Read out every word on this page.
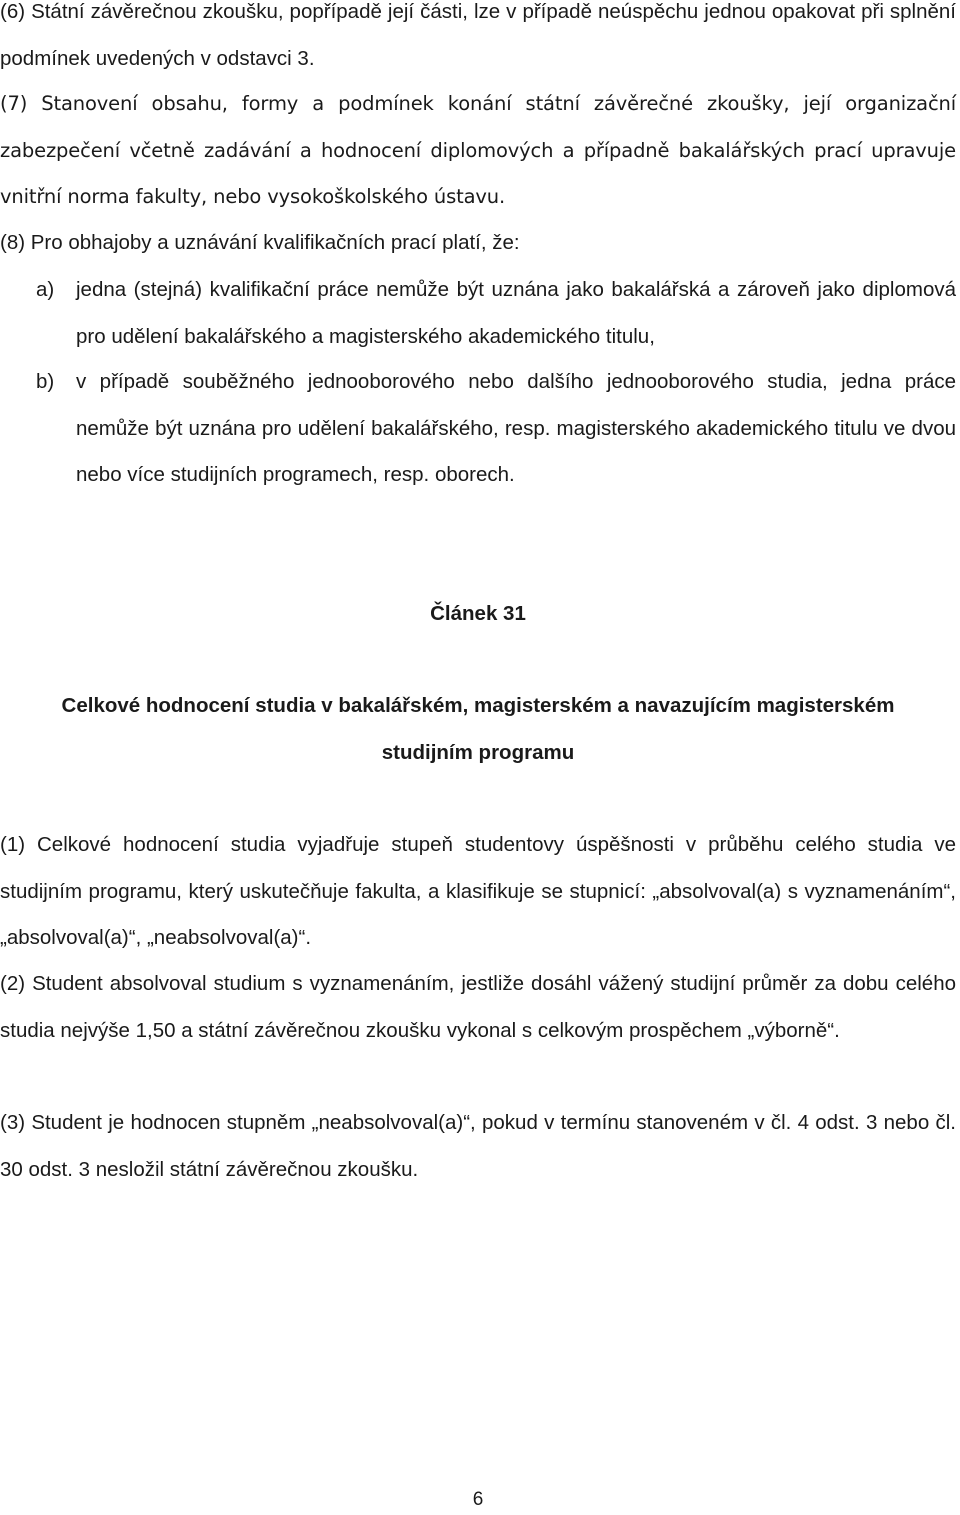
(6) Státní závěrečnou zkoušku, popřípadě její části, lze v případě neúspěchu jednou opakovat při splnění podmínek uvedených v odstavci 3.

(7) Stanovení obsahu, formy a podmínek konání státní závěrečné zkoušky, její organizační zabezpečení včetně zadávání a hodnocení diplomových a případně bakalářských prací upravuje vnitřní norma fakulty, nebo vysokoškolského ústavu.

(8) Pro obhajoby a uznávání kvalifikačních prací platí, že:

a) jedna (stejná) kvalifikační práce nemůže být uznána jako bakalářská a zároveň jako diplomová pro udělení bakalářského a magisterského akademického titulu,
b) v případě souběžného jednooborového nebo dalšího jednooborového studia, jedna práce nemůže být uznána pro udělení bakalářského, resp. magisterského akademického titulu ve dvou nebo více studijních programech, resp. oborech.

Článek 31

Celkové hodnocení studia v bakalářském, magisterském a navazujícím magisterském studijním programu

(1) Celkové hodnocení studia vyjadřuje stupeň studentovy úspěšnosti v průběhu celého studia ve studijním programu, který uskutečňuje fakulta, a klasifikuje se stupnicí: „absolvoval(a) s vyznamenáním“, „absolvoval(a)“, „neabsolvoval(a)“.

(2) Student absolvoval studium s vyznamenáním, jestliže dosáhl vážený studijní průměr za dobu celého studia nejvýše 1,50 a státní závěrečnou zkoušku vykonal s celkovým prospěchem „výborně“.

(3) Student je hodnocen stupněm „neabsolvoval(a)“, pokud v termínu stanoveném v čl. 4 odst. 3 nebo čl. 30 odst. 3 nesložil státní závěrečnou zkoušku.

6
